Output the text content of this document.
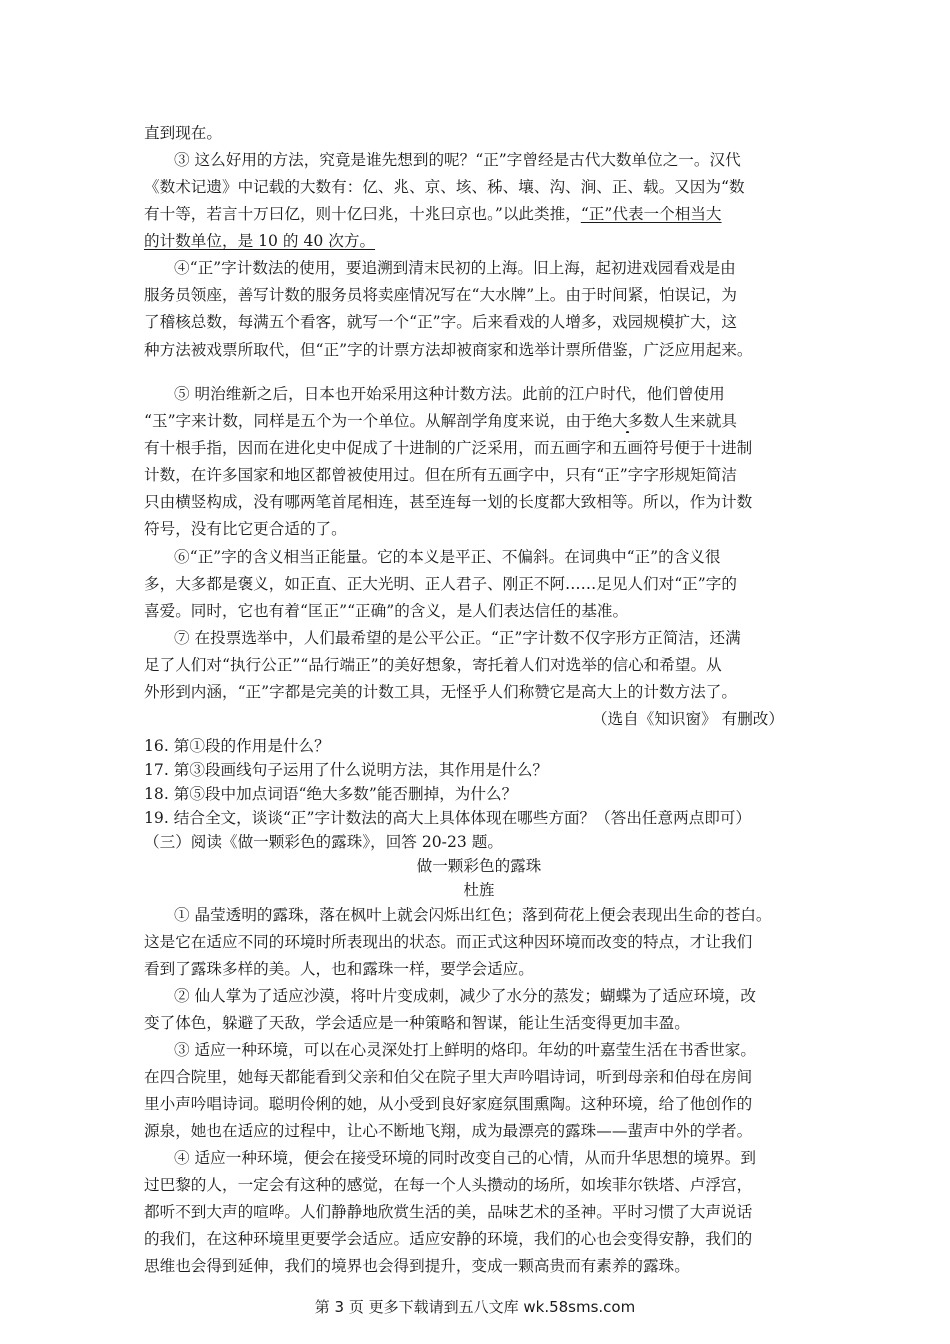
直到现在。
③ 这么好用的方法，究竟是谁先想到的呢？“正”字曾经是古代大数单位之一。汉代
《数术记遗》中记载的大数有：亿、兆、京、垓、秭、壤、沟、涧、正、载。又因为“数
有十等，若言十万曰亿，则十亿曰兆，十兆曰京也。”以此类推，“正”代表一个相当大
的计数单位，是 10 的 40 次方。
④“正”字计数法的使用，要追溯到清末民初的上海。旧上海，起初进戏园看戏是由
服务员领座，善写计数的服务员将卖座情况写在“大水牌”上。由于时间紧，怕误记，为
了稽核总数，每满五个看客，就写一个“正”字。后来看戏的人增多，戏园规模扩大，这
种方法被戏票所取代，但“正”字的计票方法却被商家和选举计票所借鉴，广泛应用起来。
⑤ 明治维新之后，日本也开始采用这种计数方法。此前的江户时代，他们曾使用
“玉”字来计数，同样是五个为一个单位。从解剖学角度来说，由于绝大多数人生来就具
有十根手指，因而在进化史中促成了十进制的广泛采用，而五画字和五画符号便于十进制
计数，在许多国家和地区都曾被使用过。但在所有五画字中，只有“正”字字形规矩简洁
只由横竖构成，没有哪两笔首尾相连，甚至连每一划的长度都大致相等。所以，作为计数
符号，没有比它更合适的了。
⑥“正”字的含义相当正能量。它的本义是平正、不偏斜。在词典中“正”的含义很
多，大多都是褒义，如正直、正大光明、正人君子、刚正不阿……足见人们对“正”字的
喜爱。同时，它也有着“匡正”“正确”的含义，是人们表达信任的基准。
⑦ 在投票选举中，人们最希望的是公平公正。“正”字计数不仅字形方正简洁，还满
足了人们对“执行公正”“品行端正”的美好想象，寄托着人们对选举的信心和希望。从
外形到内涵，“正”字都是完美的计数工具，无怪乎人们称赞它是高大上的计数方法了。
（选自《知识窗》 有删改）
16. 第①段的作用是什么？
17. 第③段画线句子运用了什么说明方法，其作用是什么？
18. 第⑤段中加点词语“绝大多数”能否删掉，为什么？
19. 结合全文，谈谈“正”字计数法的高大上具体体现在哪些方面？（答出任意两点即可）
（三）阅读《做一颗彩色的露珠》，回答 20-23 题。
做一颗彩色的露珠
杜旌
① 晶莹透明的露珠，落在枫叶上就会闪烁出红色；落到荷花上便会表现出生命的苍白。
这是它在适应不同的环境时所表现出的状态。而正式这种因环境而改变的特点，才让我们
看到了露珠多样的美。人，也和露珠一样，要学会适应。
② 仙人掌为了适应沙漠，将叶片变成刺，减少了水分的蒸发；蝴蝶为了适应环境，改
变了体色，躲避了天敌，学会适应是一种策略和智谋，能让生活变得更加丰盈。
③ 适应一种环境，可以在心灵深处打上鲜明的烙印。年幼的叶嘉莹生活在书香世家。
在四合院里，她每天都能看到父亲和伯父在院子里大声吟唱诗词，听到母亲和伯母在房间
里小声吟唱诗词。聪明伶俐的她，从小受到良好家庭氛围熏陶。这种环境，给了他创作的
源泉，她也在适应的过程中，让心不断地飞翔，成为最漂亮的露珠——蜚声中外的学者。
④ 适应一种环境，便会在接受环境的同时改变自己的心情，从而升华思想的境界。到
过巴黎的人，一定会有这种的感觉，在每一个人头攒动的场所，如埃菲尔铁塔、卢浮宫，
都听不到大声的喧哗。人们静静地欣赏生活的美，品味艺术的圣神。平时习惯了大声说话
的我们，在这种环境里更要学会适应。适应安静的环境，我们的心也会变得安静，我们的
思维也会得到延伸，我们的境界也会得到提升，变成一颗高贵而有素养的露珠。
第 3 页 更多下载请到五八文库 wk.58sms.com
